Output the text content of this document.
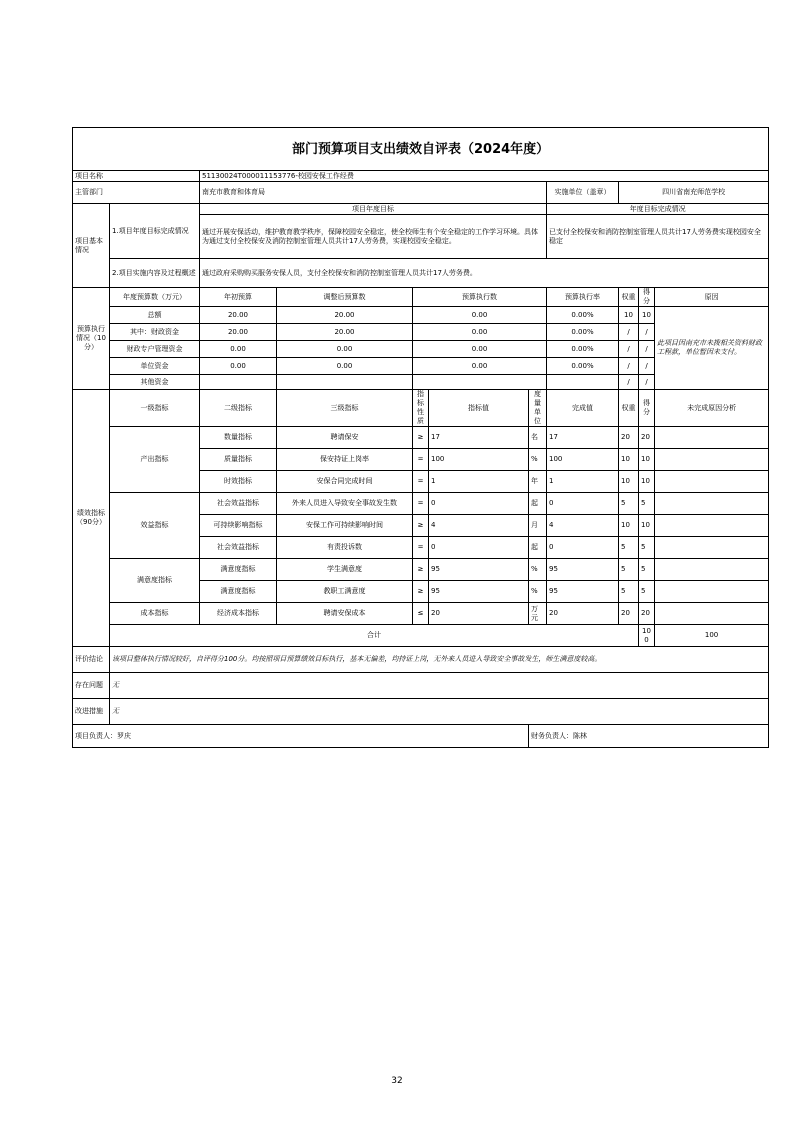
部门预算项目支出绩效自评表（2024年度）											
项目名称		51130024T000011153776-校园安保工作经费									
主管部门		南充市教育和体育局					实施单位（盖章）	四川省南充师范学校			
项目基本情况	1.项目年度目标完成情况	项目年度目标					年度目标完成情况				
		通过开展安保活动，维护教育教学秩序，保障校园安全稳定，使全校师生有个安全稳定的工作学习环境。具体为通过支付全校保安及消防控制室管理人员共计17人劳务费，实现校园安全稳定。					已支付全校保安和消防控制室管理人员共计17人劳务费实现校园安全稳定				
	2.项目实施内容及过程概述	通过政府采购购买服务安保人员，支付全校保安和消防控制室管理人员共计17人劳务费。									
预算执行情况（10分）	年度预算数（万元）	年初预算	调整后预算数	预算执行数			预算执行率	权重	得分	原因	
	总额	20.00	20.00	0.00			0.00%	10	10	此项目因南充市未拨相关资料财政工程款，单位暂因未支付。	
	其中：财政资金	20.00	20.00	0.00			0.00%	/	/		
	财政专户管理资金	0.00	0.00	0.00			0.00%	/	/		
	单位资金	0.00	0.00	0.00			0.00%	/	/		
	其他资金							/	/		
绩效指标（90分）	一级指标	二级指标	三级指标	指标性质	指标值	度量单位	完成值	权重	得分	未完成原因分析	
	产出指标	数量指标	聘请保安	≥	17	名	17	20	20		
		质量指标	保安持证上岗率	=	100	%	100	10	10		
		时效指标	安保合同完成时间	=	1	年	1	10	10		
	效益指标	社会效益指标	外来人员进入导致安全事故发生数	=	0	起	0	5	5		
		可持续影响指标	安保工作可持续影响时间	≥	4	月	4	10	10		
		社会效益指标	有责投诉数	=	0	起	0	5	5		
	满意度指标	满意度指标	学生满意度	≥	95	%	95	5	5		
		满意度指标	教职工满意度	≥	95	%	95	5	5		
	成本指标	经济成本指标	聘请安保成本	≤	20	万元	20	20	20		
	合计								100	100	
评价结论	该项目整体执行情况较好，自评得分100分。均按照项目预算绩效目标执行，基本无偏差，均持证上岗，无外来人员进入导致安全事故发生，师生满意度较高。										
存在问题	无										
改进措施	无										
项目负责人：罗庆						财务负责人：陈林					
32
